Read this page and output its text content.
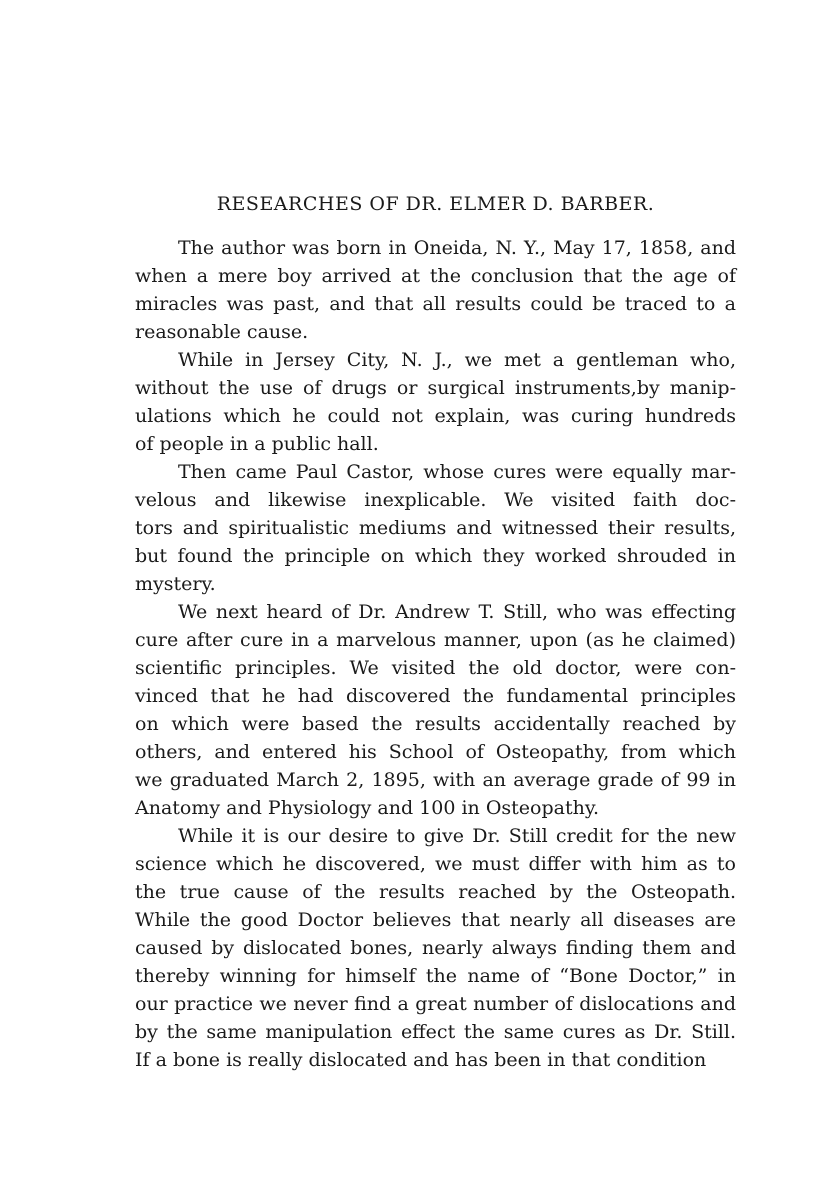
RESEARCHES OF DR. ELMER D. BARBER.
The author was born in Oneida, N. Y., May 17, 1858, and
when a mere boy arrived at the conclusion that the age of
miracles was past, and that all results could be traced to a
reasonable cause.
While in Jersey City, N. J., we met a gentleman who,
without the use of drugs or surgical instruments,by manip-
ulations which he could not explain, was curing hundreds
of people in a public hall.
Then came Paul Castor, whose cures were equally mar-
velous and likewise inexplicable. We visited faith doc-
tors and spiritualistic mediums and witnessed their results,
but found the principle on which they worked shrouded in
mystery.
We next heard of Dr. Andrew T. Still, who was effecting
cure after cure in a marvelous manner, upon (as he claimed)
scientific principles. We visited the old doctor, were con-
vinced that he had discovered the fundamental principles
on which were based the results accidentally reached by
others, and entered his School of Osteopathy, from which
we graduated March 2, 1895, with an average grade of 99 in
Anatomy and Physiology and 100 in Osteopathy.
While it is our desire to give Dr. Still credit for the new
science which he discovered, we must differ with him as to
the true cause of the results reached by the Osteopath.
While the good Doctor believes that nearly all diseases are
caused by dislocated bones, nearly always finding them and
thereby winning for himself the name of “Bone Doctor,” in
our practice we never find a great number of dislocations and
by the same manipulation effect the same cures as Dr. Still.
If a bone is really dislocated and has been in that condition
